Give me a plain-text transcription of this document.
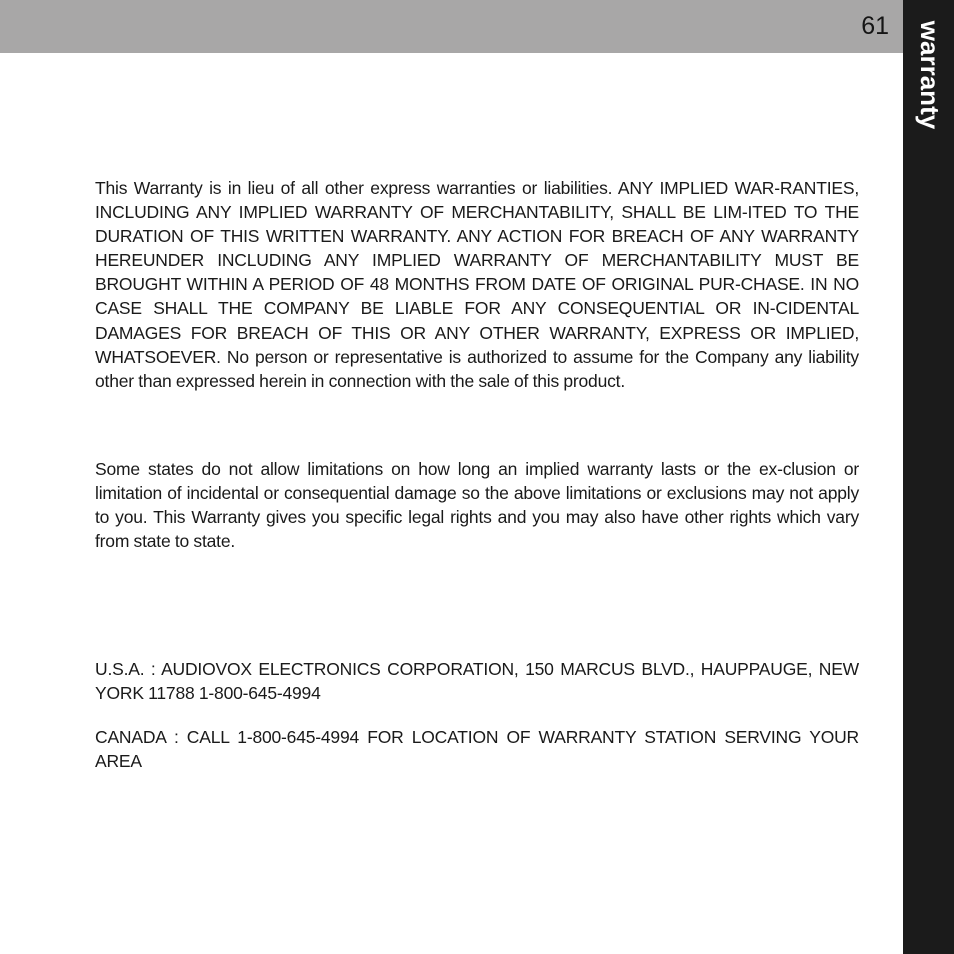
61 warranty

This Warranty is in lieu of all other express warranties or liabilities. ANY IMPLIED WAR-RANTIES, INCLUDING ANY IMPLIED WARRANTY OF MERCHANTABILITY, SHALL BE LIM-ITED TO THE DURATION OF THIS WRITTEN WARRANTY. ANY ACTION FOR BREACH OF ANY WARRANTY HEREUNDER INCLUDING ANY IMPLIED WARRANTY OF MERCHANTABILITY MUST BE BROUGHT WITHIN A PERIOD OF 48 MONTHS FROM DATE OF ORIGINAL PUR-CHASE. IN NO CASE SHALL THE COMPANY BE LIABLE FOR ANY CONSEQUENTIAL OR IN-CIDENTAL DAMAGES FOR BREACH OF THIS OR ANY OTHER WARRANTY, EXPRESS OR IMPLIED, WHATSOEVER. No person or representative is authorized to assume for the Company any liability other than expressed herein in connection with the sale of this product.

Some states do not allow limitations on how long an implied warranty lasts or the ex-clusion or limitation of incidental or consequential damage so the above limitations or exclusions may not apply to you. This Warranty gives you specific legal rights and you may also have other rights which vary from state to state.

U.S.A. : AUDIOVOX ELECTRONICS CORPORATION, 150 MARCUS BLVD., HAUPPAUGE, NEW YORK 11788 1-800-645-4994

CANADA : CALL 1-800-645-4994 FOR LOCATION OF WARRANTY STATION SERVING YOUR AREA
